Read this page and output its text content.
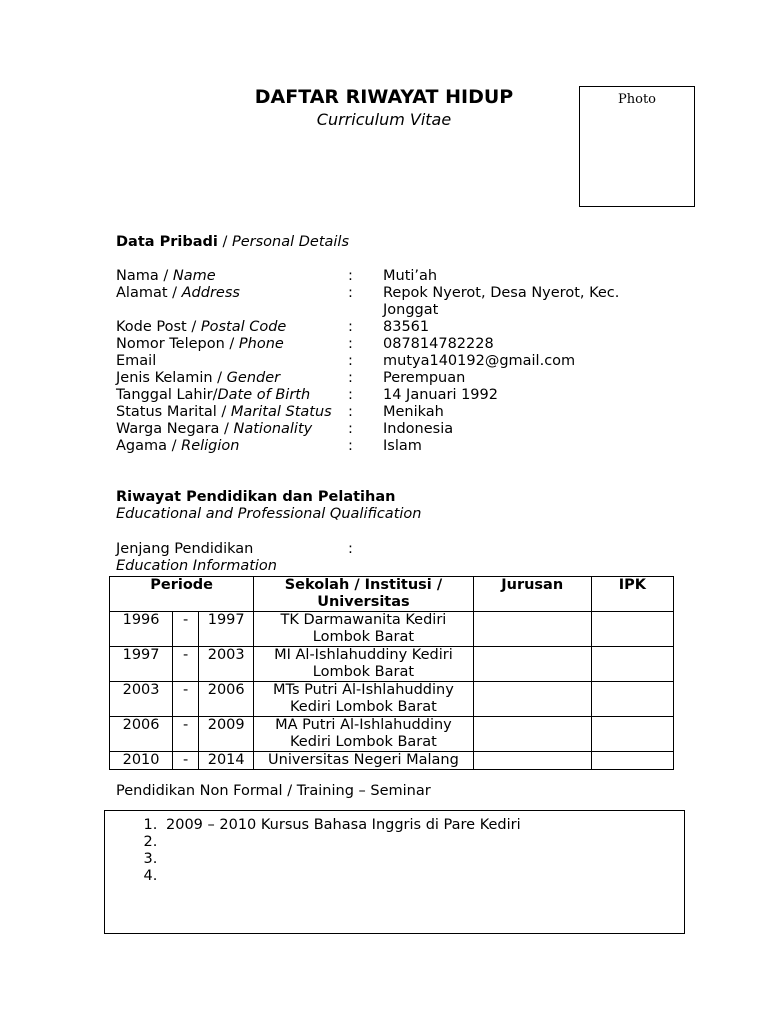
DAFTAR RIWAYAT HIDUP
Curriculum Vitae
Photo
Data Pribadi / Personal Details
Nama / Name	: Muti’ah
Alamat / Address	: Repok Nyerot, Desa Nyerot, Kec.
Jonggat
Kode Post / Postal Code	: 83561
Nomor Telepon / Phone	: 087814782228
Email	: mutya140192@gmail.com
Jenis Kelamin / Gender	: Perempuan
Tanggal Lahir/Date of Birth	: 14 Januari 1992
Status Marital / Marital Status : Menikah
Warga Negara / Nationality : Indonesia
Agama / Religion	: Islam
Riwayat Pendidikan dan Pelatihan
Educational and Professional Qualification
Jenjang Pendidikan	:
Education Information
Periode			Sekolah / Institusi /
Universitas	Jurusan	IPK
1996	-	1997	TK Darmawanita Kediri
Lombok Barat		
1997	-	2003	MI Al-Ishlahuddiny Kediri
Lombok Barat		
2003	-	2006	MTs Putri Al-Ishlahuddiny
Kediri Lombok Barat		
2006	-	2009	MA Putri Al-Ishlahuddiny
Kediri Lombok Barat		
2010	-	2014	Universitas Negeri Malang		
Pendidikan Non Formal / Training – Seminar
1. 2009 – 2010 Kursus Bahasa Inggris di Pare Kediri
2.
3.
4.
